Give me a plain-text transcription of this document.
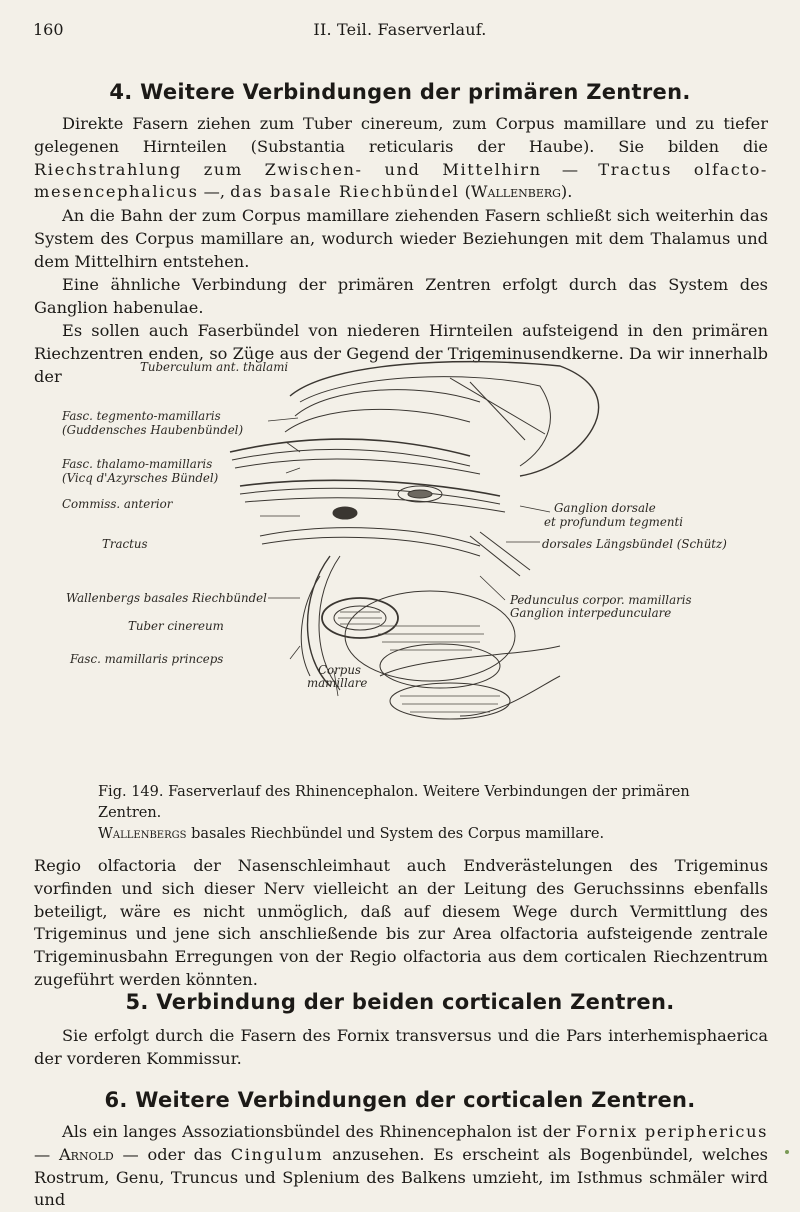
160	II. Teil. Faserverlauf.
4. Weitere Verbindungen der primären Zentren.

Direkte Fasern ziehen zum Tuber cinereum, zum Corpus mamillare und zu tiefer gelegenen Hirnteilen (Substantia reticularis der Haube). Sie bilden die Riechstrahlung zum Zwischen- und Mittelhirn — Tractus olfacto-mesencephalicus —, das basale Riechbündel (Wallenberg).

An die Bahn der zum Corpus mamillare ziehenden Fasern schließt sich weiterhin das System des Corpus mamillare an, wodurch wieder Beziehungen mit dem Thalamus und dem Mittelhirn entstehen.

Eine ähnliche Verbindung der primären Zentren erfolgt durch das System des Ganglion habenulae.

Es sollen auch Faserbündel von niederen Hirnteilen aufsteigend in den primären Riechzentren enden, so Züge aus der Gegend der Trigeminusendkerne. Da wir innerhalb der	Tuberculum ant. thalami
Fasc. tegmento-mamillaris
(Guddensches Haubenbündel)
Fasc. thalamo-mamillaris
(Vicq d'Azyrsches Bündel)
Commiss. anterior
Tractus
Wallenbergs basales Riechbündel
Tuber cinereum
Fasc. mamillaris princeps
Corpus
mamillare
Ganglion dorsale
et profundum tegmenti
dorsales Längsbündel (Schütz)
Pedunculus corpor. mamillaris
Ganglion interpedunculare
Fig. 149. Faserverlauf des Rhinencephalon. Weitere Verbindungen der primären Zentren.
Wallenbergs basales Riechbündel und System des Corpus mamillare.

Regio olfactoria der Nasenschleimhaut auch Endverästelungen des Trigeminus vorfinden und sich dieser Nerv vielleicht an der Leitung des Geruchssinns ebenfalls beteiligt, wäre es nicht unmöglich, daß auf diesem Wege durch Vermittlung des Trigeminus und jene sich anschließende bis zur Area olfactoria aufsteigende zentrale Trigeminusbahn Erregungen von der Regio olfactoria aus dem corticalen Riechzentrum zugeführt werden könnten.

5. Verbindung der beiden corticalen Zentren.

Sie erfolgt durch die Fasern des Fornix transversus und die Pars interhemisphaerica der vorderen Kommissur.

6. Weitere Verbindungen der corticalen Zentren.

Als ein langes Assoziationsbündel des Rhinencephalon ist der Fornix periphericus — Arnold — oder das Cingulum anzusehen. Es erscheint als Bogenbündel, welches Rostrum, Genu, Truncus und Splenium des Balkens umzieht, im Isthmus schmäler wird und
